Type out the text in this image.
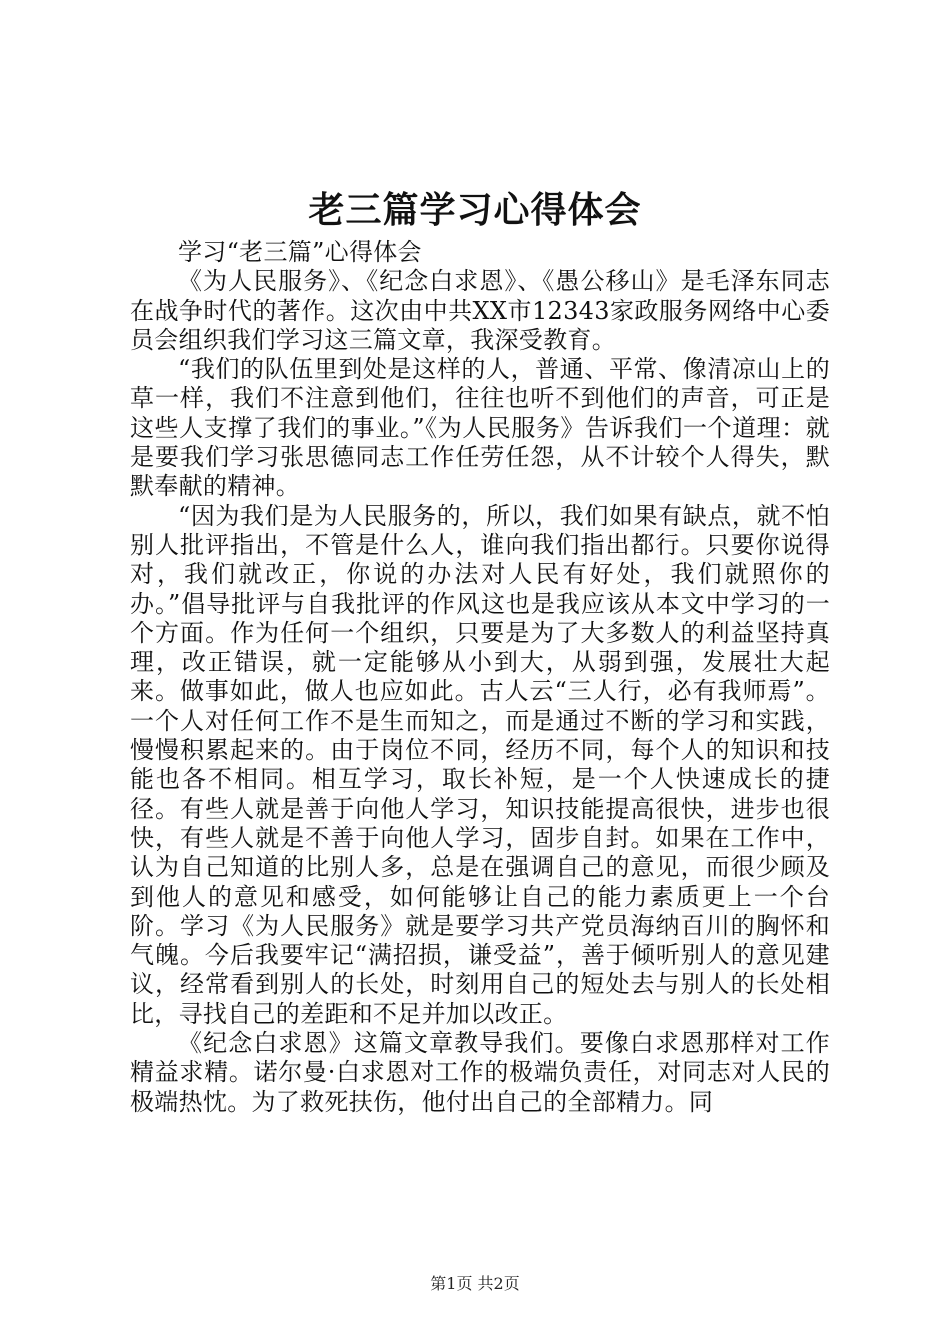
老三篇学习心得体会

学习“老三篇”心得体会

《为人民服务》、《纪念白求恩》、《愚公移山》是毛泽东同志在战争时代的著作。这次由中共XX市12343家政服务网络中心委员会组织我们学习这三篇文章，我深受教育。

“我们的队伍里到处是这样的人，普通、平常、像清凉山上的草一样，我们不注意到他们，往往也听不到他们的声音，可正是这些人支撑了我们的事业。”《为人民服务》告诉我们一个道理：就是要我们学习张思德同志工作任劳任怨，从不计较个人得失，默默奉献的精神。

“因为我们是为人民服务的，所以，我们如果有缺点，就不怕别人批评指出，不管是什么人，谁向我们指出都行。只要你说得对，我们就改正，你说的办法对人民有好处，我们就照你的办。”倡导批评与自我批评的作风这也是我应该从本文中学习的一个方面。作为任何一个组织，只要是为了大多数人的利益坚持真理，改正错误，就一定能够从小到大，从弱到强，发展壮大起来。做事如此，做人也应如此。古人云“三人行，必有我师焉”。一个人对任何工作不是生而知之，而是通过不断的学习和实践，慢慢积累起来的。由于岗位不同，经历不同，每个人的知识和技能也各不相同。相互学习，取长补短，是一个人快速成长的捷径。有些人就是善于向他人学习，知识技能提高很快，进步也很快，有些人就是不善于向他人学习，固步自封。如果在工作中，认为自己知道的比别人多，总是在强调自己的意见，而很少顾及到他人的意见和感受，如何能够让自己的能力素质更上一个台阶。学习《为人民服务》就是要学习共产党员海纳百川的胸怀和气魄。今后我要牢记“满招损，谦受益”，善于倾听别人的意见建议，经常看到别人的长处，时刻用自己的短处去与别人的长处相比，寻找自己的差距和不足并加以改正。

《纪念白求恩》这篇文章教导我们。要像白求恩那样对工作精益求精。诺尔曼·白求恩对工作的极端负责任，对同志对人民的极端热忱。为了救死扶伤，他付出自己的全部精力。同

第1页 共2页
